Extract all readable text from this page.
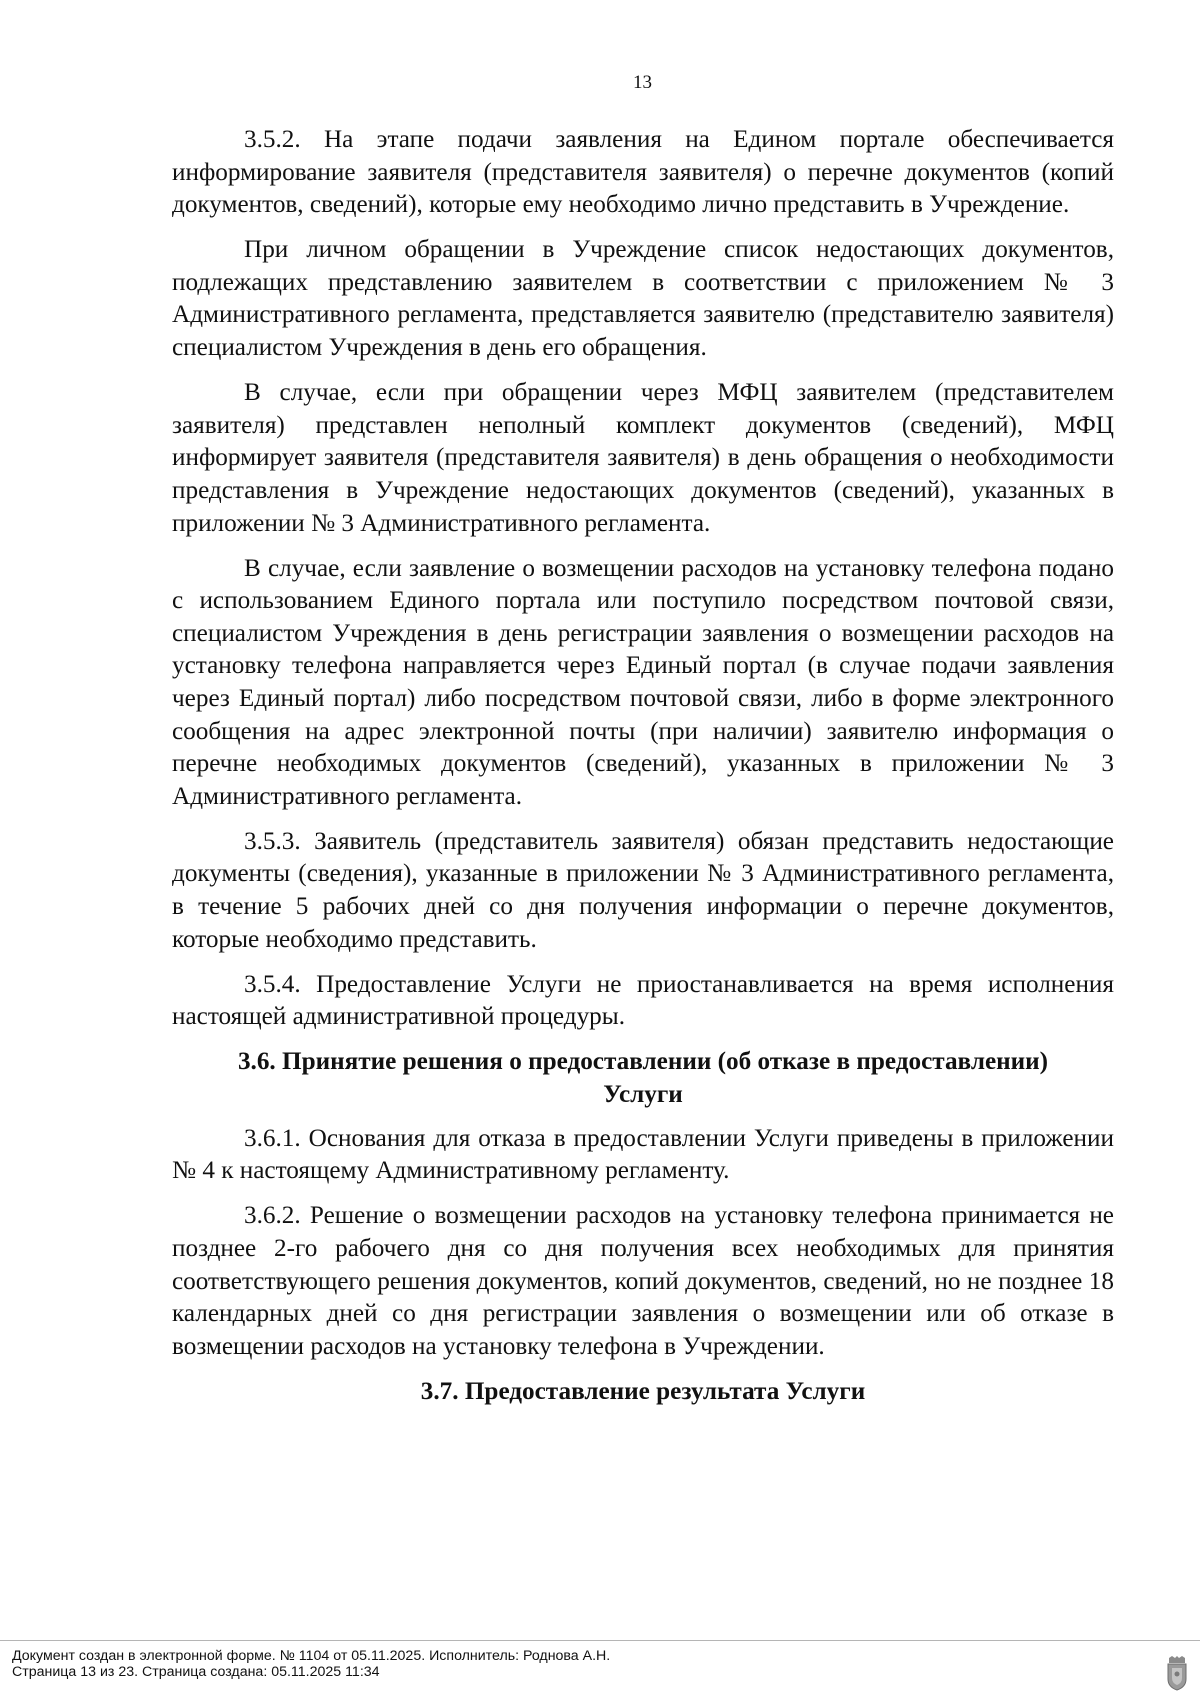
13

3.5.2. На этапе подачи заявления на Едином портале обеспечивается информирование заявителя (представителя заявителя) о перечне документов (копий документов, сведений), которые ему необходимо лично представить в Учреждение.

При личном обращении в Учреждение список недостающих документов, подлежащих представлению заявителем в соответствии с приложением № 3 Административного регламента, представляется заявителю (представителю заявителя) специалистом Учреждения в день его обращения.

В случае, если при обращении через МФЦ заявителем (представителем заявителя) представлен неполный комплект документов (сведений), МФЦ информирует заявителя (представителя заявителя) в день обращения о необходимости представления в Учреждение недостающих документов (сведений), указанных в приложении № 3 Административного регламента.

В случае, если заявление о возмещении расходов на установку телефона подано с использованием Единого портала или поступило посредством почтовой связи, специалистом Учреждения в день регистрации заявления о возмещении расходов на установку телефона направляется через Единый портал (в случае подачи заявления через Единый портал) либо посредством почтовой связи, либо в форме электронного сообщения на адрес электронной почты (при наличии) заявителю информация о перечне необходимых документов (сведений), указанных в приложении № 3 Административного регламента.

3.5.3. Заявитель (представитель заявителя) обязан представить недостающие документы (сведения), указанные в приложении № 3 Административного регламента, в течение 5 рабочих дней со дня получения информации о перечне документов, которые необходимо представить.

3.5.4. Предоставление Услуги не приостанавливается на время исполнения настоящей административной процедуры.

3.6. Принятие решения о предоставлении (об отказе в предоставлении)
Услуги

3.6.1. Основания для отказа в предоставлении Услуги приведены в приложении № 4 к настоящему Административному регламенту.

3.6.2. Решение о возмещении расходов на установку телефона принимается не позднее 2-го рабочего дня со дня получения всех необходимых для принятия соответствующего решения документов, копий документов, сведений, но не позднее 18 календарных дней со дня регистрации заявления о возмещении или об отказе в возмещении расходов на установку телефона в Учреждении.

3.7. Предоставление результата Услуги
Документ создан в электронной форме. № 1104 от 05.11.2025. Исполнитель: Роднова А.Н.
Страница 13 из 23. Страница создана: 05.11.2025 11:34
